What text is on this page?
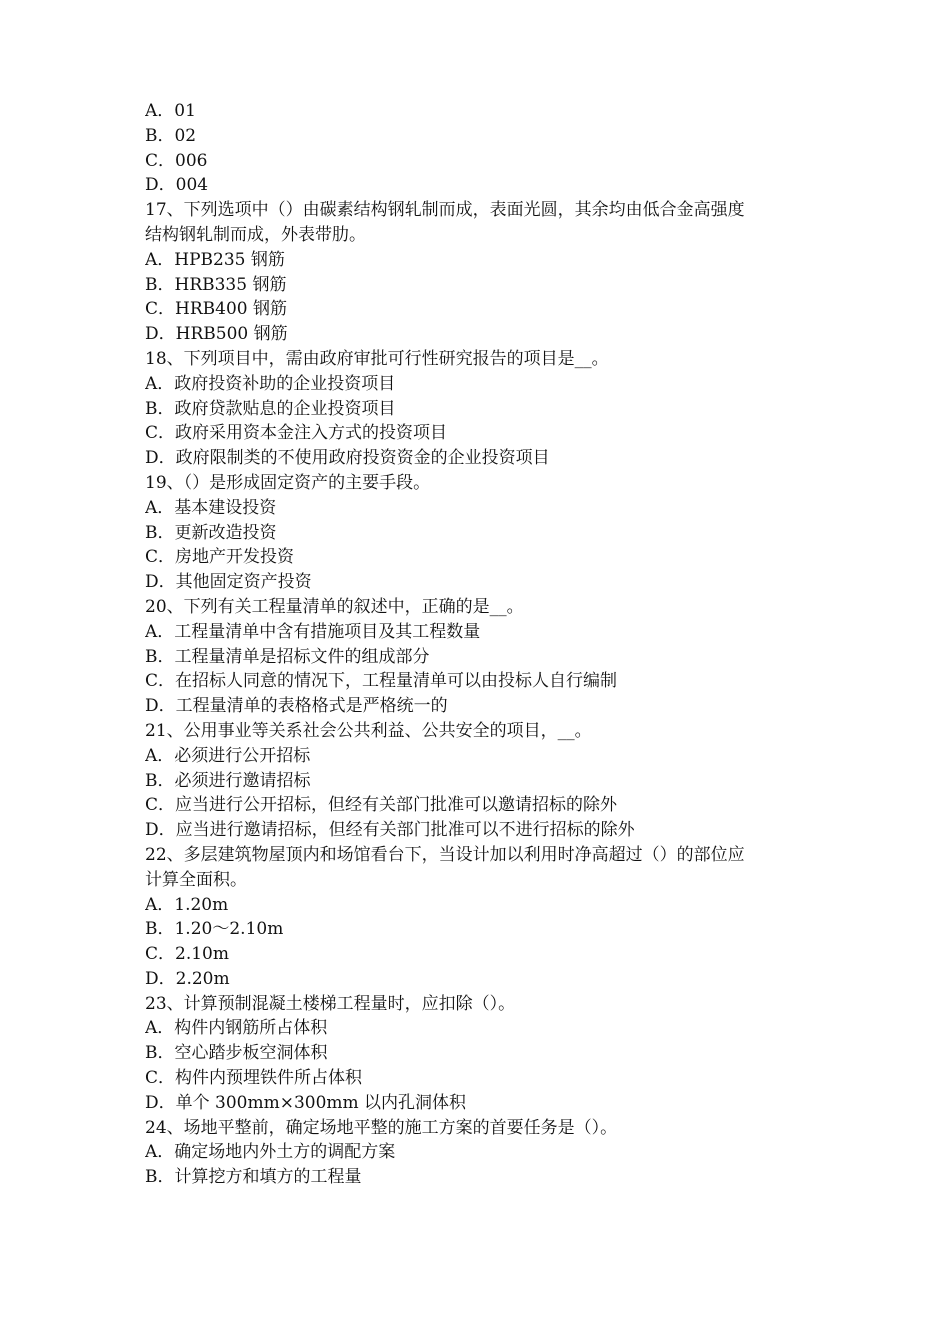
A．01
B．02
C．006
D．004
17、下列选项中（）由碳素结构钢轧制而成，表面光圆，其余均由低合金高强度
结构钢轧制而成，外表带肋。
A．HPB235 钢筋
B．HRB335 钢筋
C．HRB400 钢筋
D．HRB500 钢筋
18、下列项目中，需由政府审批可行性研究报告的项目是__。
A．政府投资补助的企业投资项目
B．政府贷款贴息的企业投资项目
C．政府采用资本金注入方式的投资项目
D．政府限制类的不使用政府投资资金的企业投资项目
19、（）是形成固定资产的主要手段。
A．基本建设投资
B．更新改造投资
C．房地产开发投资
D．其他固定资产投资
20、下列有关工程量清单的叙述中，正确的是__。
A．工程量清单中含有措施项目及其工程数量
B．工程量清单是招标文件的组成部分
C．在招标人同意的情况下，工程量清单可以由投标人自行编制
D．工程量清单的表格格式是严格统一的
21、公用事业等关系社会公共利益、公共安全的项目，__。
A．必须进行公开招标
B．必须进行邀请招标
C．应当进行公开招标，但经有关部门批准可以邀请招标的除外
D．应当进行邀请招标，但经有关部门批准可以不进行招标的除外
22、多层建筑物屋顶内和场馆看台下，当设计加以利用时净高超过（）的部位应
计算全面积。
A．1.20m
B．1.20～2.10m
C．2.10m
D．2.20m
23、计算预制混凝土楼梯工程量时，应扣除（）。
A．构件内钢筋所占体积
B．空心踏步板空洞体积
C．构件内预埋铁件所占体积
D．单个 300mm×300mm 以内孔洞体积
24、场地平整前，确定场地平整的施工方案的首要任务是（）。
A．确定场地内外土方的调配方案
B．计算挖方和填方的工程量
